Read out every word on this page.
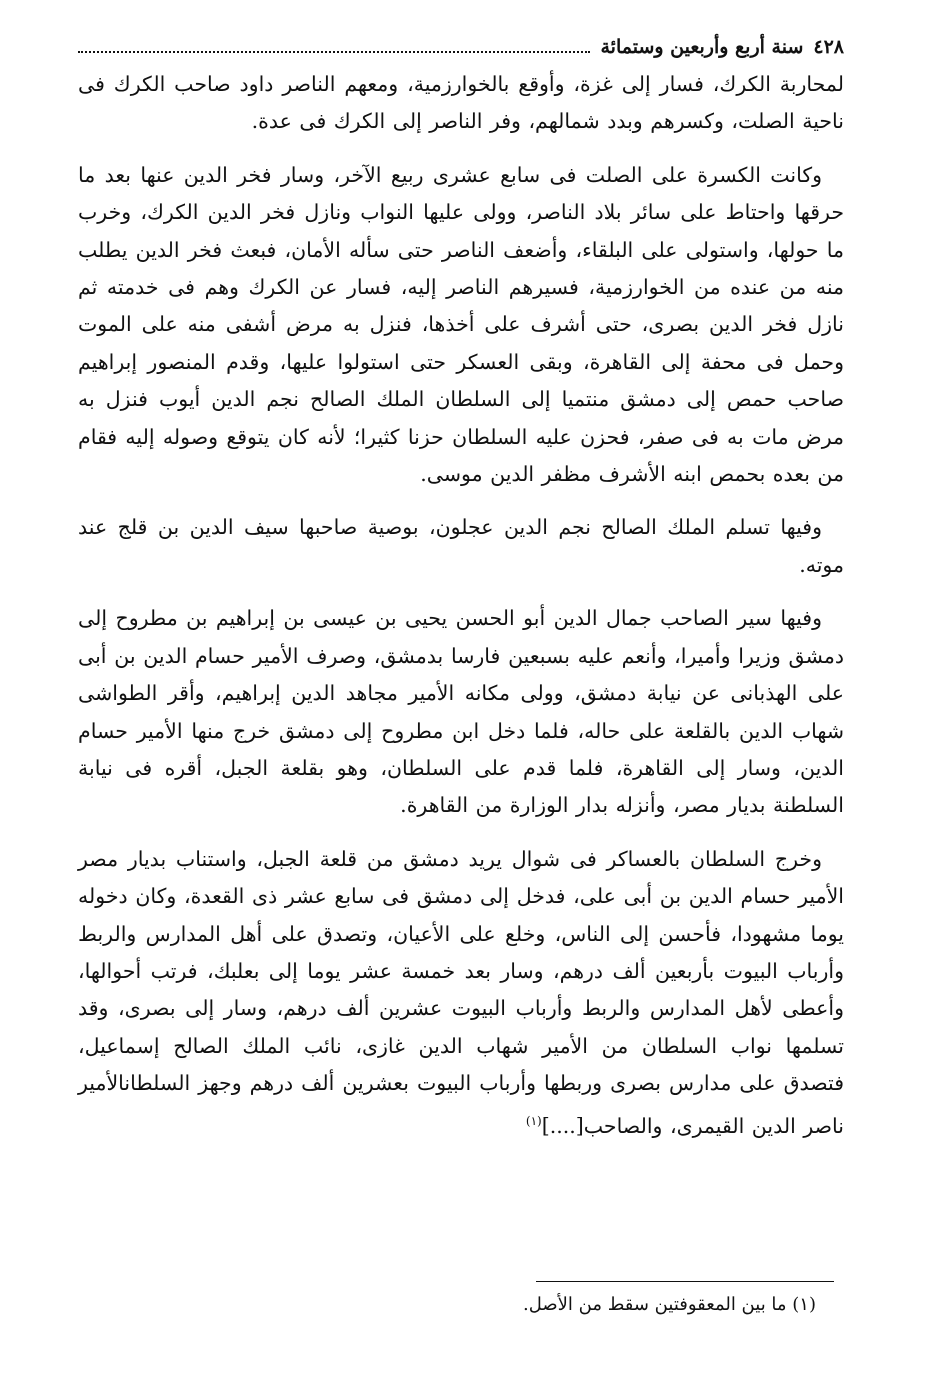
٤٢٨
سنة أربع وأربعين وستمائة

لمحاربة الكرك، فسار إلى غزة، وأوقع بالخوارزمية، ومعهم الناصر داود صاحب الكرك فى ناحية الصلت، وكسرهم وبدد شمالهم، وفر الناصر إلى الكرك فى عدة.

وكانت الكسرة على الصلت فى سابع عشرى ربيع الآخر، وسار فخر الدين عنها بعد ما حرقها واحتاط على سائر بلاد الناصر، وولى عليها النواب ونازل فخر الدين الكرك، وخرب ما حولها، واستولى على البلقاء، وأضعف الناصر حتى سأله الأمان، فبعث فخر الدين يطلب منه من عنده من الخوارزمية، فسيرهم الناصر إليه، فسار عن الكرك وهم فى خدمته ثم نازل فخر الدين بصرى، حتى أشرف على أخذها، فنزل به مرض أشفى منه على الموت وحمل فى محفة إلى القاهرة، وبقى العسكر حتى استولوا عليها، وقدم المنصور إبراهيم صاحب حمص إلى دمشق منتميا إلى السلطان الملك الصالح نجم الدين أيوب فنزل به مرض مات به فى صفر، فحزن عليه السلطان حزنا كثيرا؛ لأنه كان يتوقع وصوله إليه فقام من بعده بحمص ابنه الأشرف مظفر الدين موسى.

وفيها تسلم الملك الصالح نجم الدين عجلون، بوصية صاحبها سيف الدين بن قلج عند موته.

وفيها سير الصاحب جمال الدين أبو الحسن يحيى بن عيسى بن إبراهيم بن مطروح إلى دمشق وزيرا وأميرا، وأنعم عليه بسبعين فارسا بدمشق، وصرف الأمير حسام الدين بن أبى على الهذبانى عن نيابة دمشق، وولى مكانه الأمير مجاهد الدين إبراهيم، وأقر الطواشى شهاب الدين بالقلعة على حاله، فلما دخل ابن مطروح إلى دمشق خرج منها الأمير حسام الدين، وسار إلى القاهرة، فلما قدم على السلطان، وهو بقلعة الجبل، أقره فى نيابة السلطنة بديار مصر، وأنزله بدار الوزارة من القاهرة.

وخرج السلطان بالعساكر فى شوال يريد دمشق من قلعة الجبل، واستناب بديار مصر الأمير حسام الدين بن أبى على، فدخل إلى دمشق فى سابع عشر ذى القعدة، وكان دخوله يوما مشهودا، فأحسن إلى الناس، وخلع على الأعيان، وتصدق على أهل المدارس والربط وأرباب البيوت بأربعين ألف درهم، وسار بعد خمسة عشر يوما إلى بعلبك، فرتب أحوالها، وأعطى لأهل المدارس والربط وأرباب البيوت عشرين ألف درهم، وسار إلى بصرى، وقد تسلمها نواب السلطان من الأمير شهاب الدين غازى، نائب الملك الصالح إسماعيل، فتصدق على مدارس بصرى وربطها وأرباب البيوت بعشرين ألف درهم وجهز السلطانالأمير ناصر الدين القيمرى، والصاحب[....]$^{(١)}$

(١) ما بين المعقوفتين سقط من الأصل.
